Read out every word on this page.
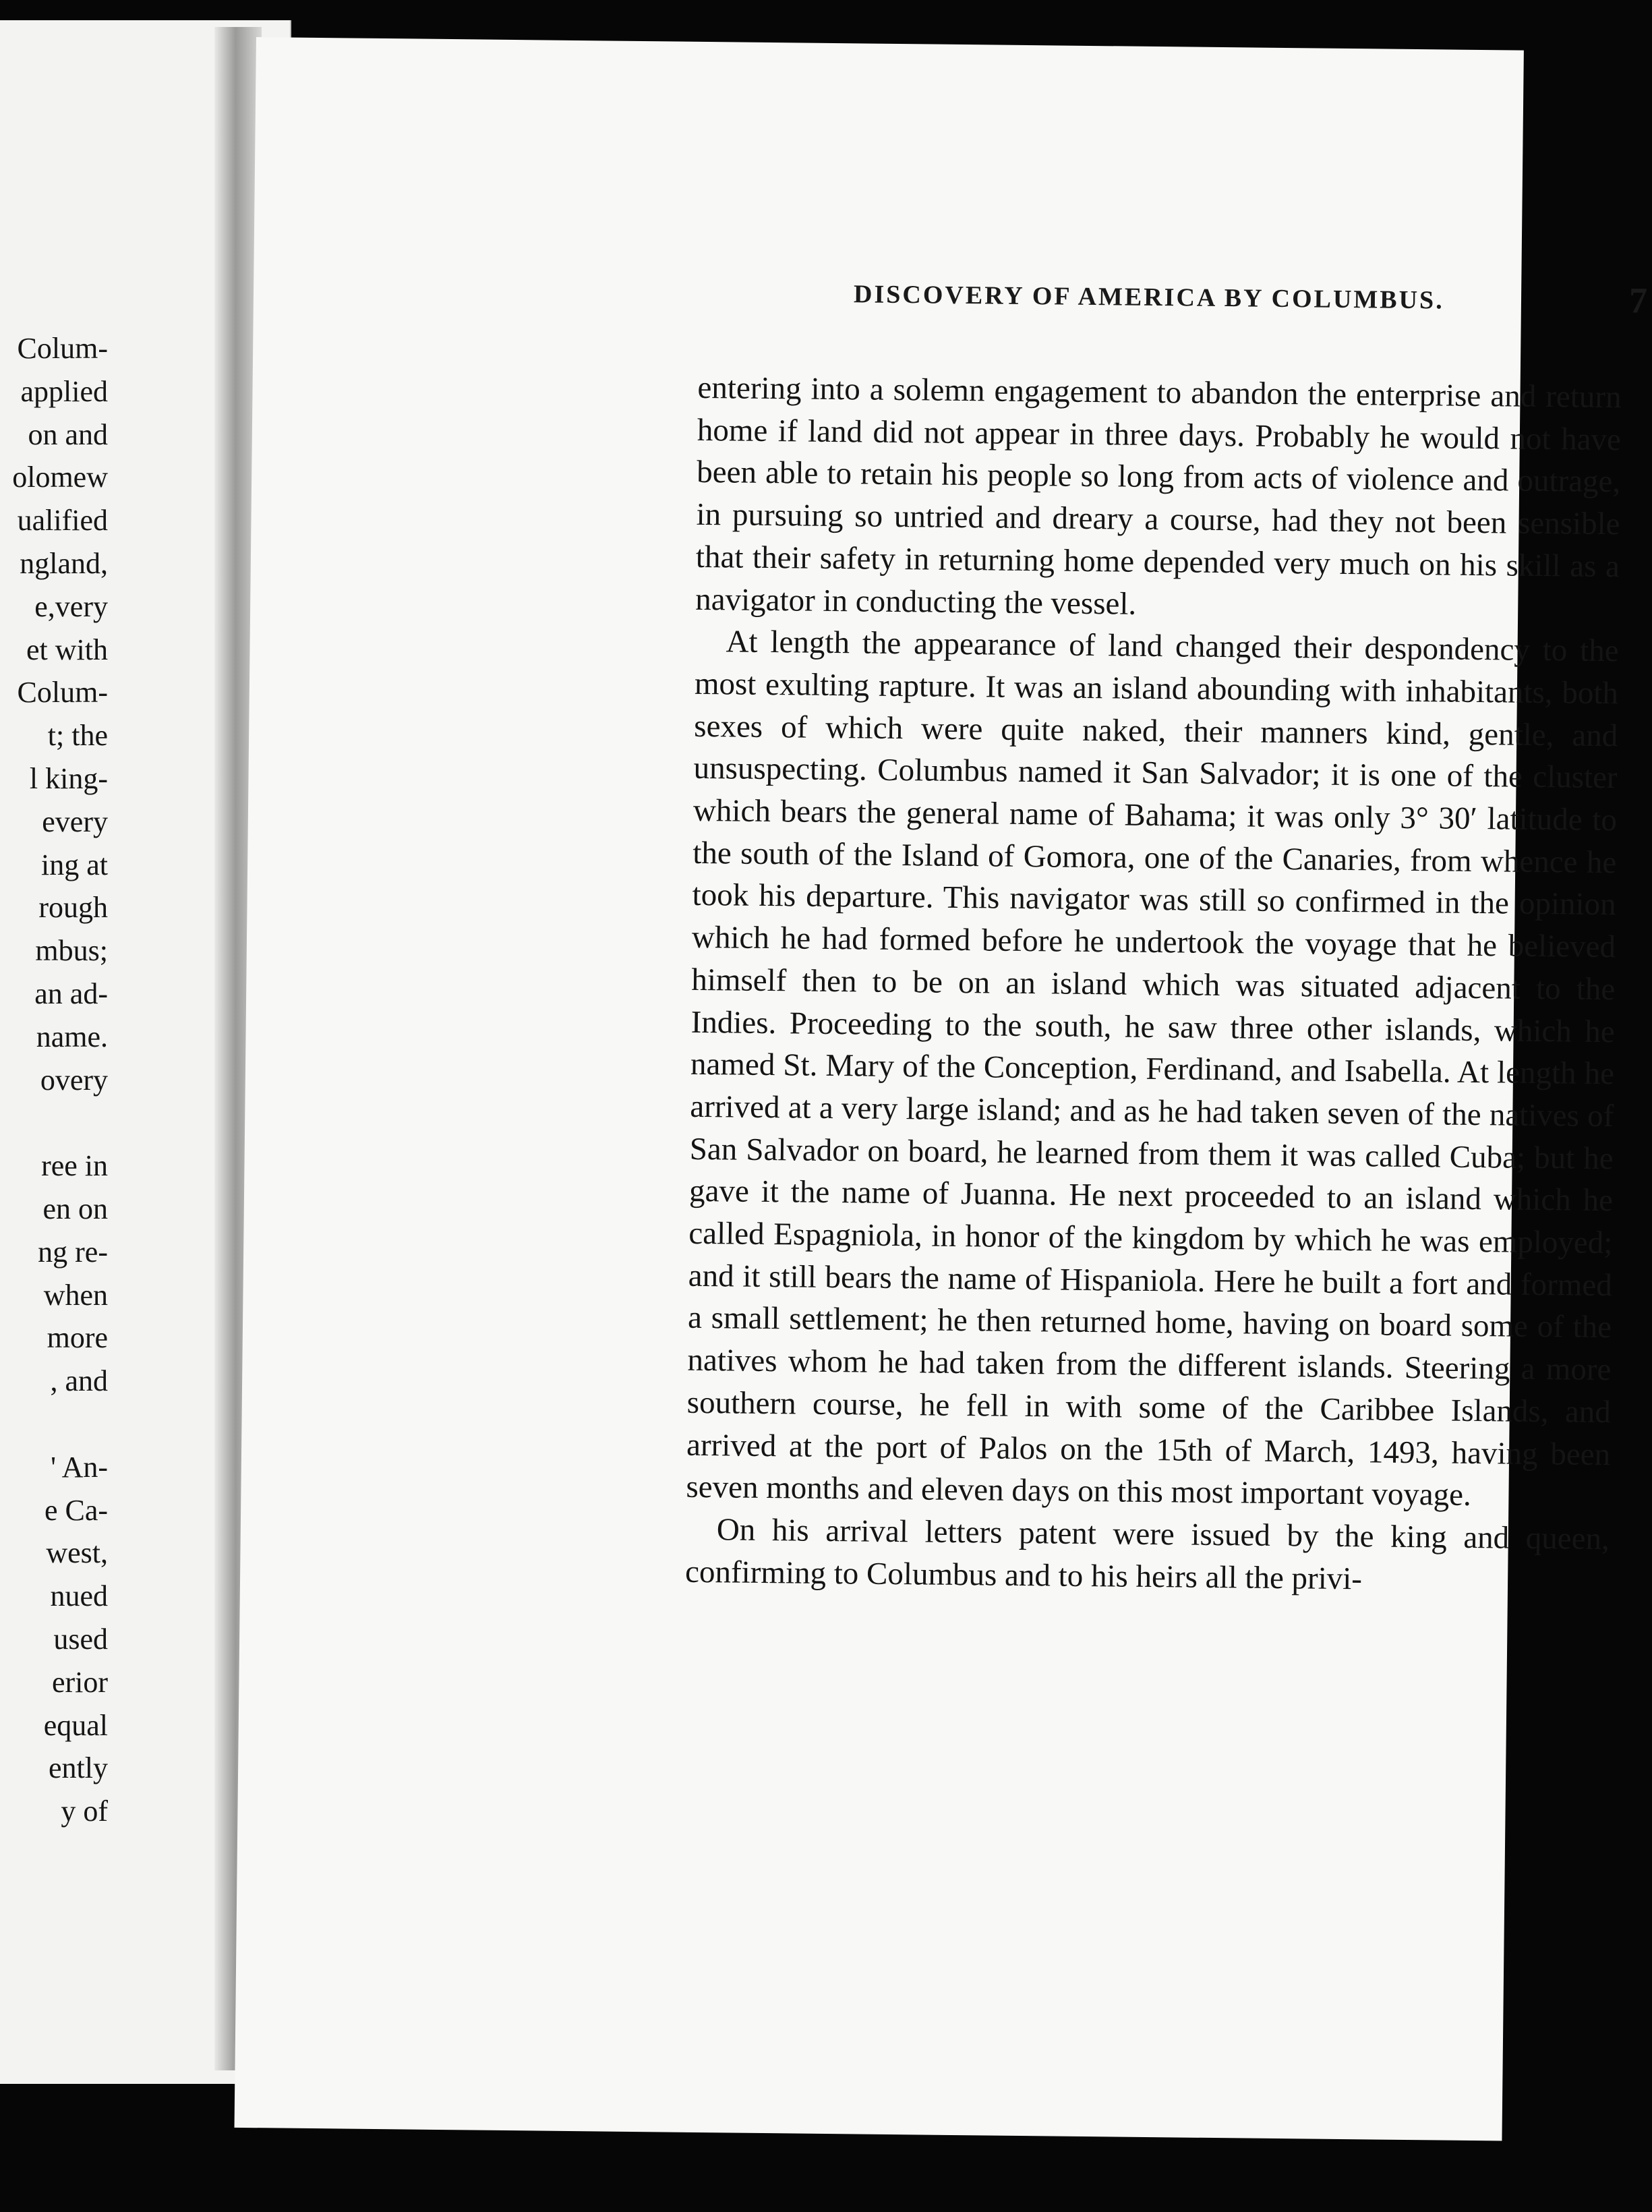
Colum-
applied
on and
olomew
ualified
ngland,
e,very
et with
Colum-
t; the
l king-
every
ing at
rough
mbus;
an ad-
name.
overy
ree in
en on
ng re-
when
more
, and
' An-
e Ca-
west,
nued
used
erior
equal
ently
y of
DISCOVERY OF AMERICA BY COLUMBUS.	7

entering into a solemn engagement to abandon the enterprise and return home if land did not appear in three days. Probably he would not have been able to retain his people so long from acts of violence and outrage, in pursuing so untried and dreary a course, had they not been sensible that their safety in returning home depended very much on his skill as a navigator in conducting the vessel.

At length the appearance of land changed their despondency to the most exulting rapture. It was an island abounding with inhabitants, both sexes of which were quite naked, their manners kind, gentle, and unsuspecting. Columbus named it San Salvador; it is one of the cluster which bears the general name of Bahama; it was only 3° 30′ latitude to the south of the Island of Gomora, one of the Canaries, from whence he took his departure. This navigator was still so confirmed in the opinion which he had formed before he undertook the voyage that he believed himself then to be on an island which was situated adjacent to the Indies. Proceeding to the south, he saw three other islands, which he named St. Mary of the Conception, Ferdinand, and Isabella. At length he arrived at a very large island; and as he had taken seven of the natives of San Salvador on board, he learned from them it was called Cuba; but he gave it the name of Juanna. He next proceeded to an island which he called Espagniola, in honor of the kingdom by which he was employed; and it still bears the name of Hispaniola. Here he built a fort and formed a small settlement; he then returned home, having on board some of the natives whom he had taken from the different islands. Steering a more southern course, he fell in with some of the Caribbee Islands, and arrived at the port of Palos on the 15th of March, 1493, having been seven months and eleven days on this most important voyage.

On his arrival letters patent were issued by the king and queen, confirming to Columbus and to his heirs all the privi-
